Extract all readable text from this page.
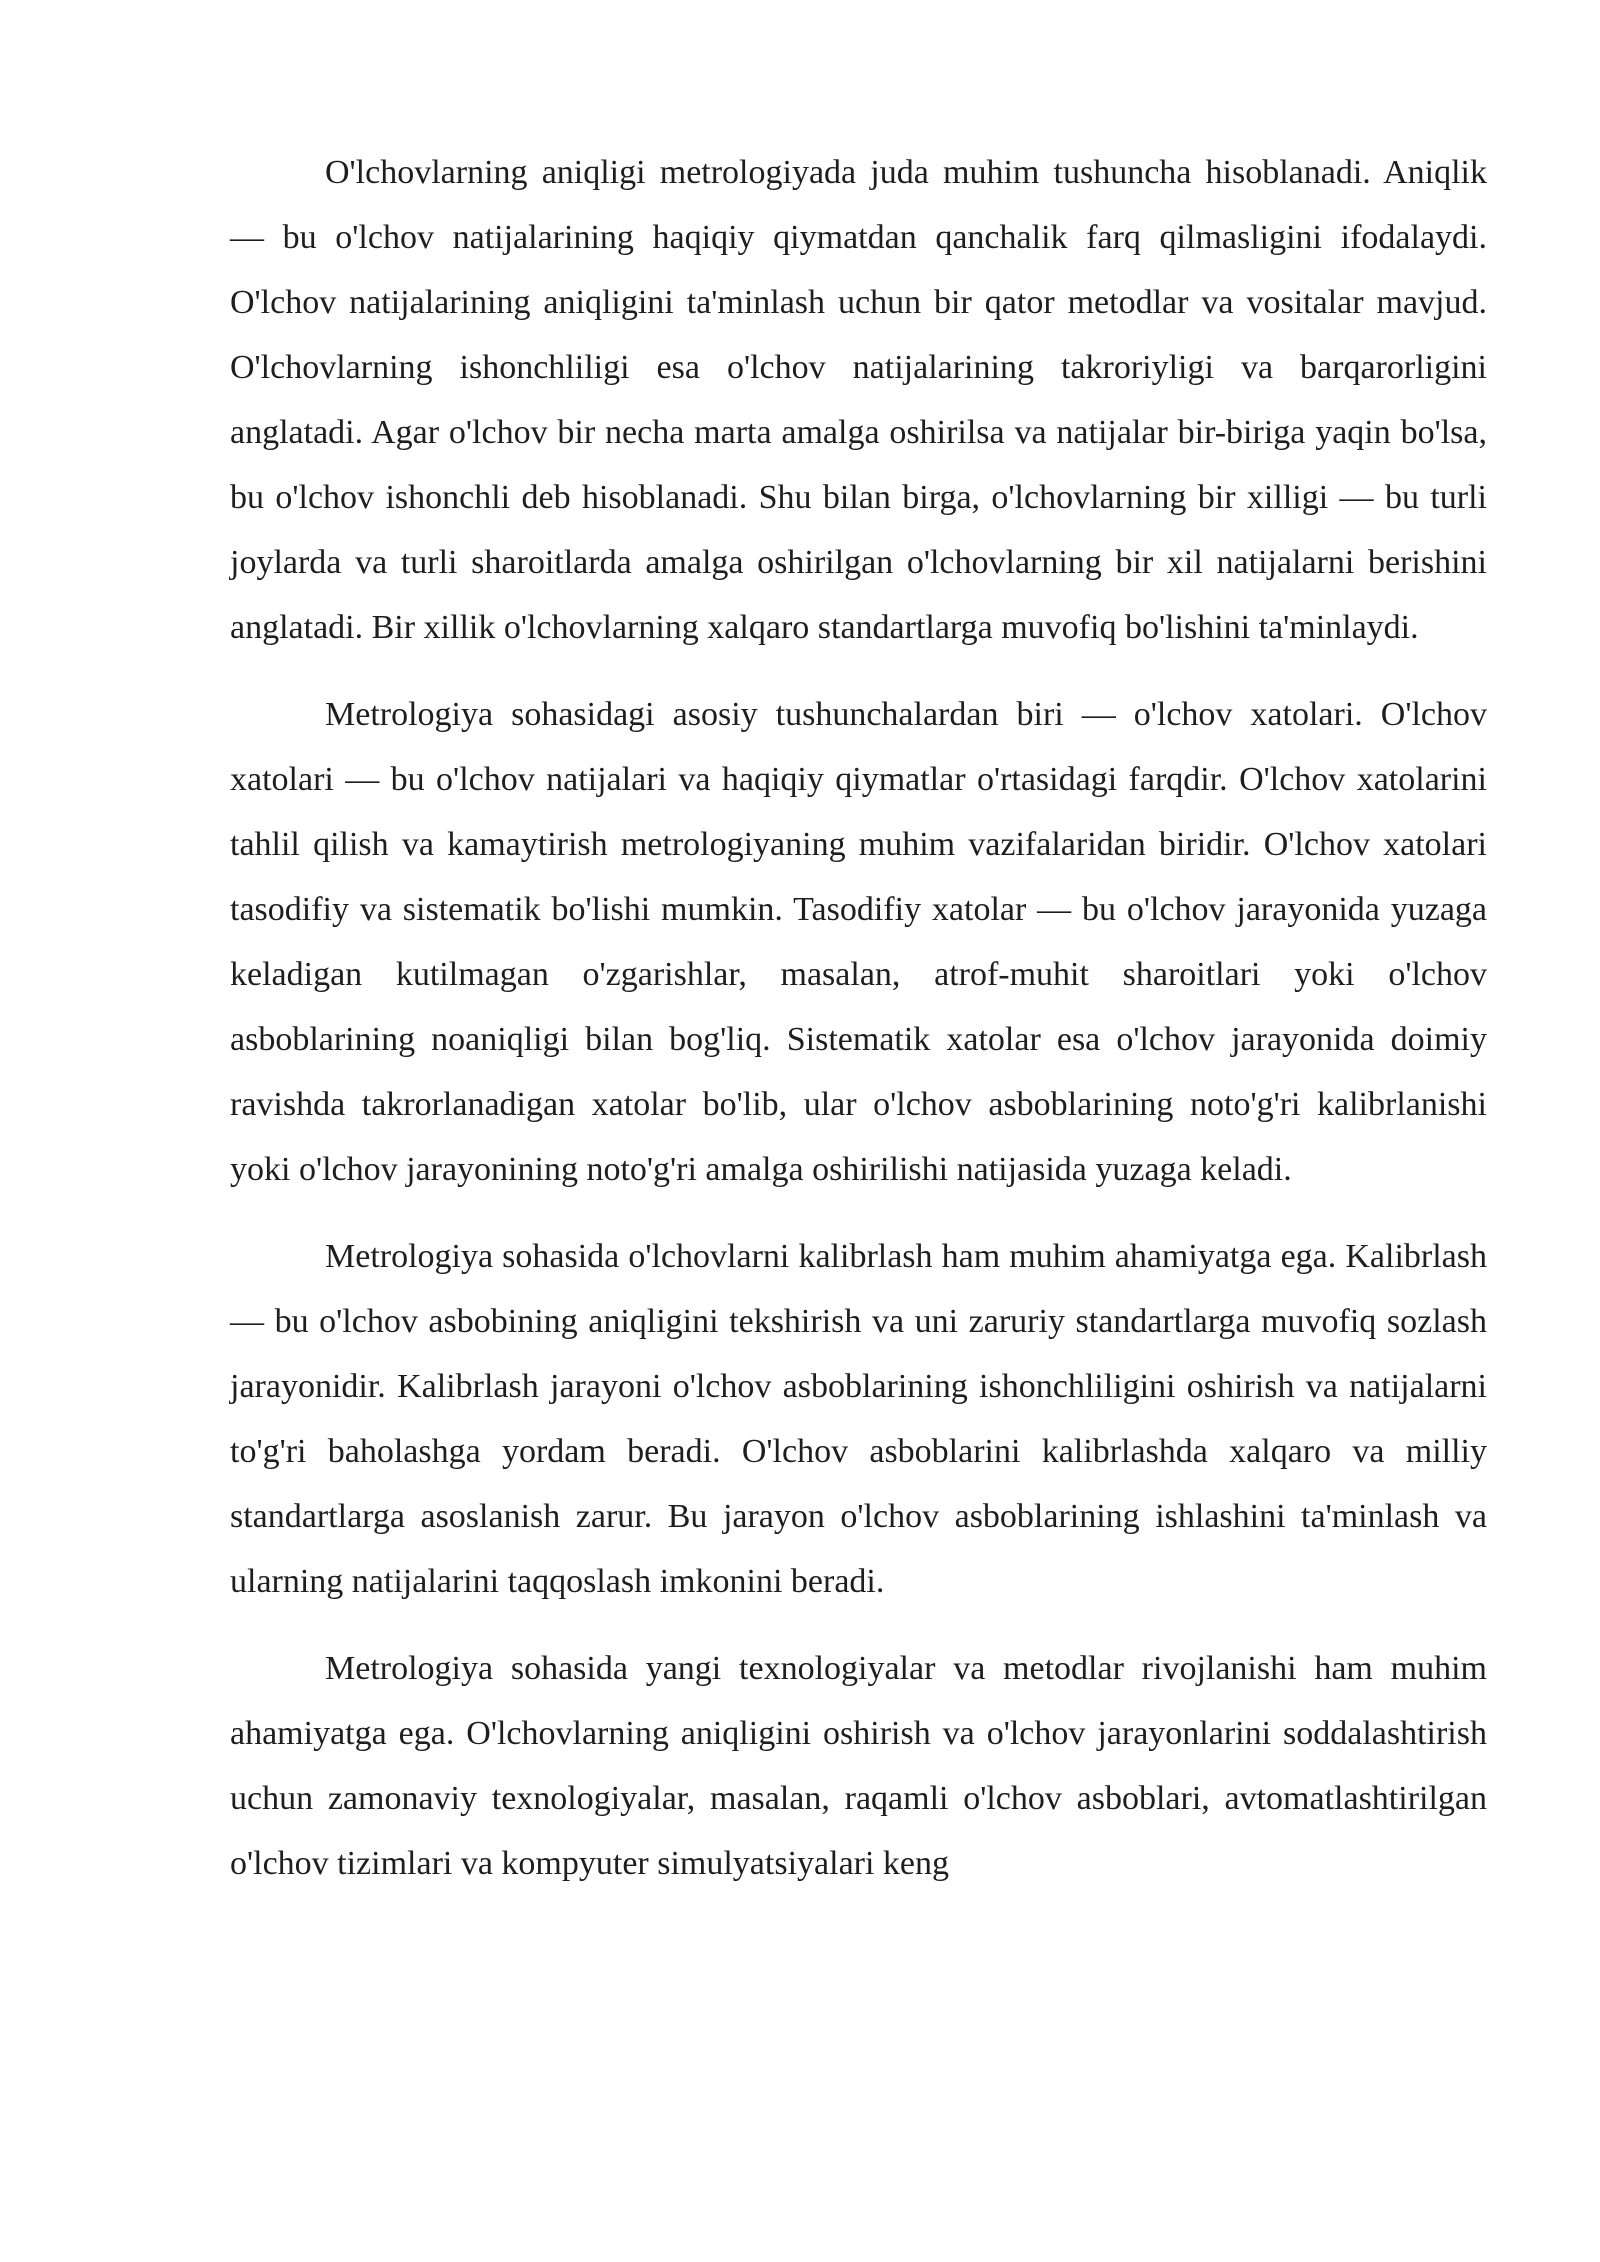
O'lchovlarning aniqligi metrologiyada juda muhim tushuncha hisoblanadi. Aniqlik — bu o'lchov natijalarining haqiqiy qiymatdan qanchalik farq qilmasligini ifodalaydi. O'lchov natijalarining aniqligini ta'minlash uchun bir qator metodlar va vositalar mavjud. O'lchovlarning ishonchliligi esa o'lchov natijalarining takroriyligi va barqarorligini anglatadi. Agar o'lchov bir necha marta amalga oshirilsa va natijalar bir-biriga yaqin bo'lsa, bu o'lchov ishonchli deb hisoblanadi. Shu bilan birga, o'lchovlarning bir xilligi — bu turli joylarda va turli sharoitlarda amalga oshirilgan o'lchovlarning bir xil natijalarni berishini anglatadi. Bir xillik o'lchovlarning xalqaro standartlarga muvofiq bo'lishini ta'minlaydi.

Metrologiya sohasidagi asosiy tushunchalardan biri — o'lchov xatolari. O'lchov xatolari — bu o'lchov natijalari va haqiqiy qiymatlar o'rtasidagi farqdir. O'lchov xatolarini tahlil qilish va kamaytirish metrologiyaning muhim vazifalaridan biridir. O'lchov xatolari tasodifiy va sistematik bo'lishi mumkin. Tasodifiy xatolar — bu o'lchov jarayonida yuzaga keladigan kutilmagan o'zgarishlar, masalan, atrof-muhit sharoitlari yoki o'lchov asboblarining noaniqligi bilan bog'liq. Sistematik xatolar esa o'lchov jarayonida doimiy ravishda takrorlanadigan xatolar bo'lib, ular o'lchov asboblarining noto'g'ri kalibrlanishi yoki o'lchov jarayonining noto'g'ri amalga oshirilishi natijasida yuzaga keladi.

Metrologiya sohasida o'lchovlarni kalibrlash ham muhim ahamiyatga ega. Kalibrlash — bu o'lchov asbobining aniqligini tekshirish va uni zaruriy standartlarga muvofiq sozlash jarayonidir. Kalibrlash jarayoni o'lchov asboblarining ishonchliligini oshirish va natijalarni to'g'ri baholashga yordam beradi. O'lchov asboblarini kalibrlashda xalqaro va milliy standartlarga asoslanish zarur. Bu jarayon o'lchov asboblarining ishlashini ta'minlash va ularning natijalarini taqqoslash imkonini beradi.

Metrologiya sohasida yangi texnologiyalar va metodlar rivojlanishi ham muhim ahamiyatga ega. O'lchovlarning aniqligini oshirish va o'lchov jarayonlarini soddalashtirish uchun zamonaviy texnologiyalar, masalan, raqamli o'lchov asboblari, avtomatlashtirilgan o'lchov tizimlari va kompyuter simulyatsiyalari keng
